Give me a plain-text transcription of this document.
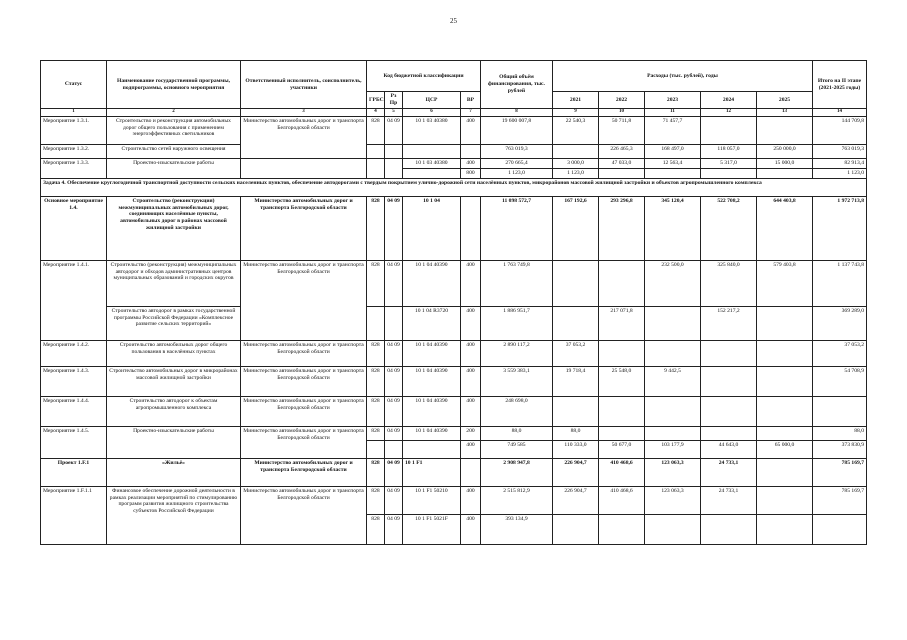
25
Статус	Наименование государственной программы, подпрограммы, основного мероприятия	Ответственный исполнитель, соисполнитель, участники	Код бюджетной классификации				Общий объём финансирования, тыс. рублей	Расходы (тыс. рублей), годы					Итого на II этапе (2021-2025 годы)
			ГРБС	Рз Пр	ЦСР	ВР		2021	2022	2023	2024	2025	
1	2	3	4	5	6	7	8	9	10	11	12	13	14
Мероприятие 1.3.1.	Строительство и реконструкция автомобильных дорог общего пользования с применением энергоэффективных светильников	Министерство автомобильных дорог и транспорта Белгородской области	828	04 09	10 1 03 40380	400	19 600 007,8	22 540,3	50 711,8	71 457,7			144 709,8
Мероприятие 1.3.2.	Строительство сетей наружного освещения						763 019,3		226 465,3	168 497,0	118 057,0	250 000,0	763 019,3
Мероприятие 1.3.3.	Проектно-изыскательские работы				10 1 03 40380	400	270 665,4	3 000,0	47 033,0	12 563,4	5 317,0	15 000,0	82 913,4
						800	1 123,0	1 123,0					1 123,0
Задача 4. Обеспечение круглогодичной транспортной доступности сельских населенных пунктов, обеспечение автодорогами с твердым покрытием улично-дорожной сети населённых пунктов, микрорайонов массовой жилищной застройки и объектов агропромышленного комплекса													
Основное мероприятие 1.4.	Строительство (реконструкция) межмуниципальных автомобильных дорог, соединяющих населённые пункты, автомобильных дорог в районах массовой жилищной застройки	Министерство автомобильных дорог и транспорта Белгородской области	828	04 09	10 1 04		11 098 572,7	167 192,6	293 296,8	345 120,4	522 708,2	644 403,8	1 972 713,8
Мероприятие 1.4.1.	Строительство (реконструкция) межмуниципальных автодорог и обходов административных центров муниципальных образований и городских округов	Министерство автомобильных дорог и транспорта Белгородской области	828	04 09	10 1 04 40390	400	1 763 749,8			232 500,0	325 840,0	579 403,8	1 137 743,8
	Строительство автодорог в рамках государственной программы Российской Федерации «Комплексное развитие сельских территорий»				10 1 04 R3720	400	1 886 951,7		217 071,8		152 217,2		369 289,0
Мероприятие 1.4.2.	Строительство автомобильных дорог общего пользования в населённых пунктах	Министерство автомобильных дорог и транспорта Белгородской области	828	04 09	10 1 04 40390	400	2 890 117,2	37 053,2					37 053,2
Мероприятие 1.4.3.	Строительство автомобильных дорог в микрорайонах массовой жилищной застройки	Министерство автомобильных дорог и транспорта Белгородской области	828	04 09	10 1 04 40390	400	3 559 383,1	19 718,4	25 548,0	9 442,5			54 708,9
Мероприятие 1.4.4.	Строительство автодорог к объектам агропромышленного комплекса	Министерство автомобильных дорог и транспорта Белгородской области	828	04 09	10 1 04 40390	400	248 698,0						
Мероприятие 1.4.5.	Проектно-изыскательские работы	Министерство автомобильных дорог и транспорта Белгородской области	828	04 09	10 1 04 40390	200	88,0	88,0					88,0
						400	749 585	110 333,0	50 677,0	103 177,9	44 643,0	65 000,0	373 830,9
Проект 1.F.1	«Жильё»	Министерство автомобильных дорог и транспорта Белгородской области	828	04 09	10 1 F1		2 908 947,8	226 904,7	410 468,6	123 063,3	24 733,1		785 169,7
Мероприятие 1.F.1.1	Финансовое обеспечение дорожной деятельности в рамках реализации мероприятий по стимулированию программ развития жилищного строительства субъектов Российской Федерации	Министерство автомобильных дорог и транспорта Белгородской области	828	04 09	10 1 F1 50210	400	2 515 812,9	226 904,7	410 468,6	123 063,3	24 733,1		785 169,7
			828	04 09	10 1 F1 5021F	400	393 134,9						
